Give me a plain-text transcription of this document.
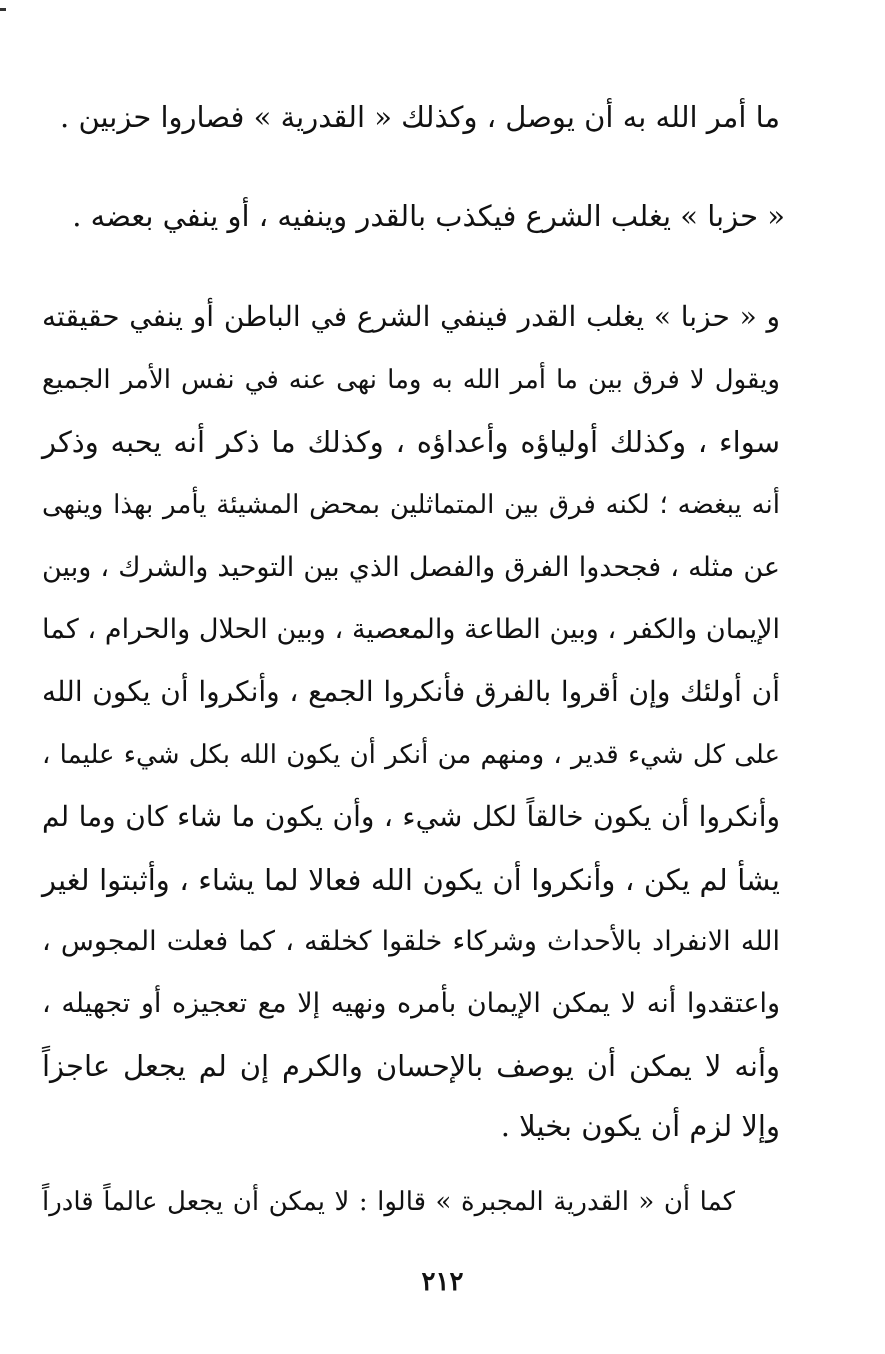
ما أمر الله به أن يوصل ، وكذلك « القدرية » فصاروا حزبين .
« حزبا » يغلب الشرع فيكذب بالقدر وينفيه ، أو ينفي بعضه .
و « حزبا » يغلب القدر فينفي الشرع في الباطن أو ينفي حقيقته
ويقول لا فرق بين ما أمر الله به وما نهى عنه في نفس الأمر الجميع
سواء ، وكذلك أولياؤه وأعداؤه ، وكذلك ما ذكر أنه يحبه وذكر
أنه يبغضه ؛ لكنه فرق بين المتماثلين بمحض المشيئة يأمر بهذا وينهى
عن مثله ، فجحدوا الفرق والفصل الذي بين التوحيد والشرك ، وبين
الإيمان والكفر ، وبين الطاعة والمعصية ، وبين الحلال والحرام ، كما
أن أولئك وإن أقروا بالفرق فأنكروا الجمع ، وأنكروا أن يكون الله
على كل شيء قدير ، ومنهم من أنكر أن يكون الله بكل شيء عليما ،
وأنكروا أن يكون خالقاً لكل شيء ، وأن يكون ما شاء كان وما لم
يشأ لم يكن ، وأنكروا أن يكون الله فعالا لما يشاء ، وأثبتوا لغير
الله الانفراد بالأحداث وشركاء خلقوا كخلقه ، كما فعلت المجوس ،
واعتقدوا أنه لا يمكن الإيمان بأمره ونهيه إلا مع تعجيزه أو تجهيله ،
وأنه لا يمكن أن يوصف بالإحسان والكرم إن لم يجعل عاجزاً
وإلا لزم أن يكون بخيلا .
كما أن « القدرية المجبرة » قالوا : لا يمكن أن يجعل عالماً قادراً
٢١٢
